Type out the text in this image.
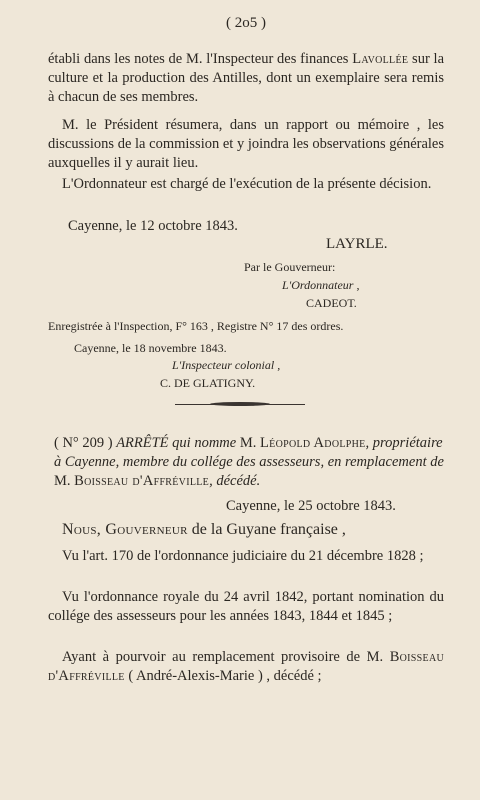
( 2o5 )

établi dans les notes de M. l'Inspecteur des finances Lavollée sur la culture et la production des Antilles, dont un exemplaire sera remis à chacun de ses membres.

M. le Président résumera, dans un rapport ou mémoire , les discussions de la commission et y joindra les observations générales auxquelles il y aurait lieu.

L'Ordonnateur est chargé de l'exécution de la présente décision.

Cayenne, le 12 octobre 1843.

LAYRLE.

Par le Gouverneur:

L'Ordonnateur ,

CADEOT.

Enregistrée à l'Inspection, F° 163 , Registre N° 17 des ordres.

Cayenne, le 18 novembre 1843.

L'Inspecteur colonial ,

C. DE GLATIGNY.

( N° 209 ) ARRÊTÉ qui nomme M. Léopold Adolphe, propriétaire à Cayenne, membre du collége des assesseurs, en remplacement de M. Boisseau d'Affréville, décédé.

Cayenne, le 25 octobre 1843.

Nous, Gouverneur de la Guyane française ,

Vu l'art. 170 de l'ordonnance judiciaire du 21 décembre 1828 ;

Vu l'ordonnance royale du 24 avril 1842, portant nomination du collége des assesseurs pour les années 1843, 1844 et 1845 ;

Ayant à pourvoir au remplacement provisoire de M. Boisseau d'Affréville ( André-Alexis-Marie ) , décédé ;
